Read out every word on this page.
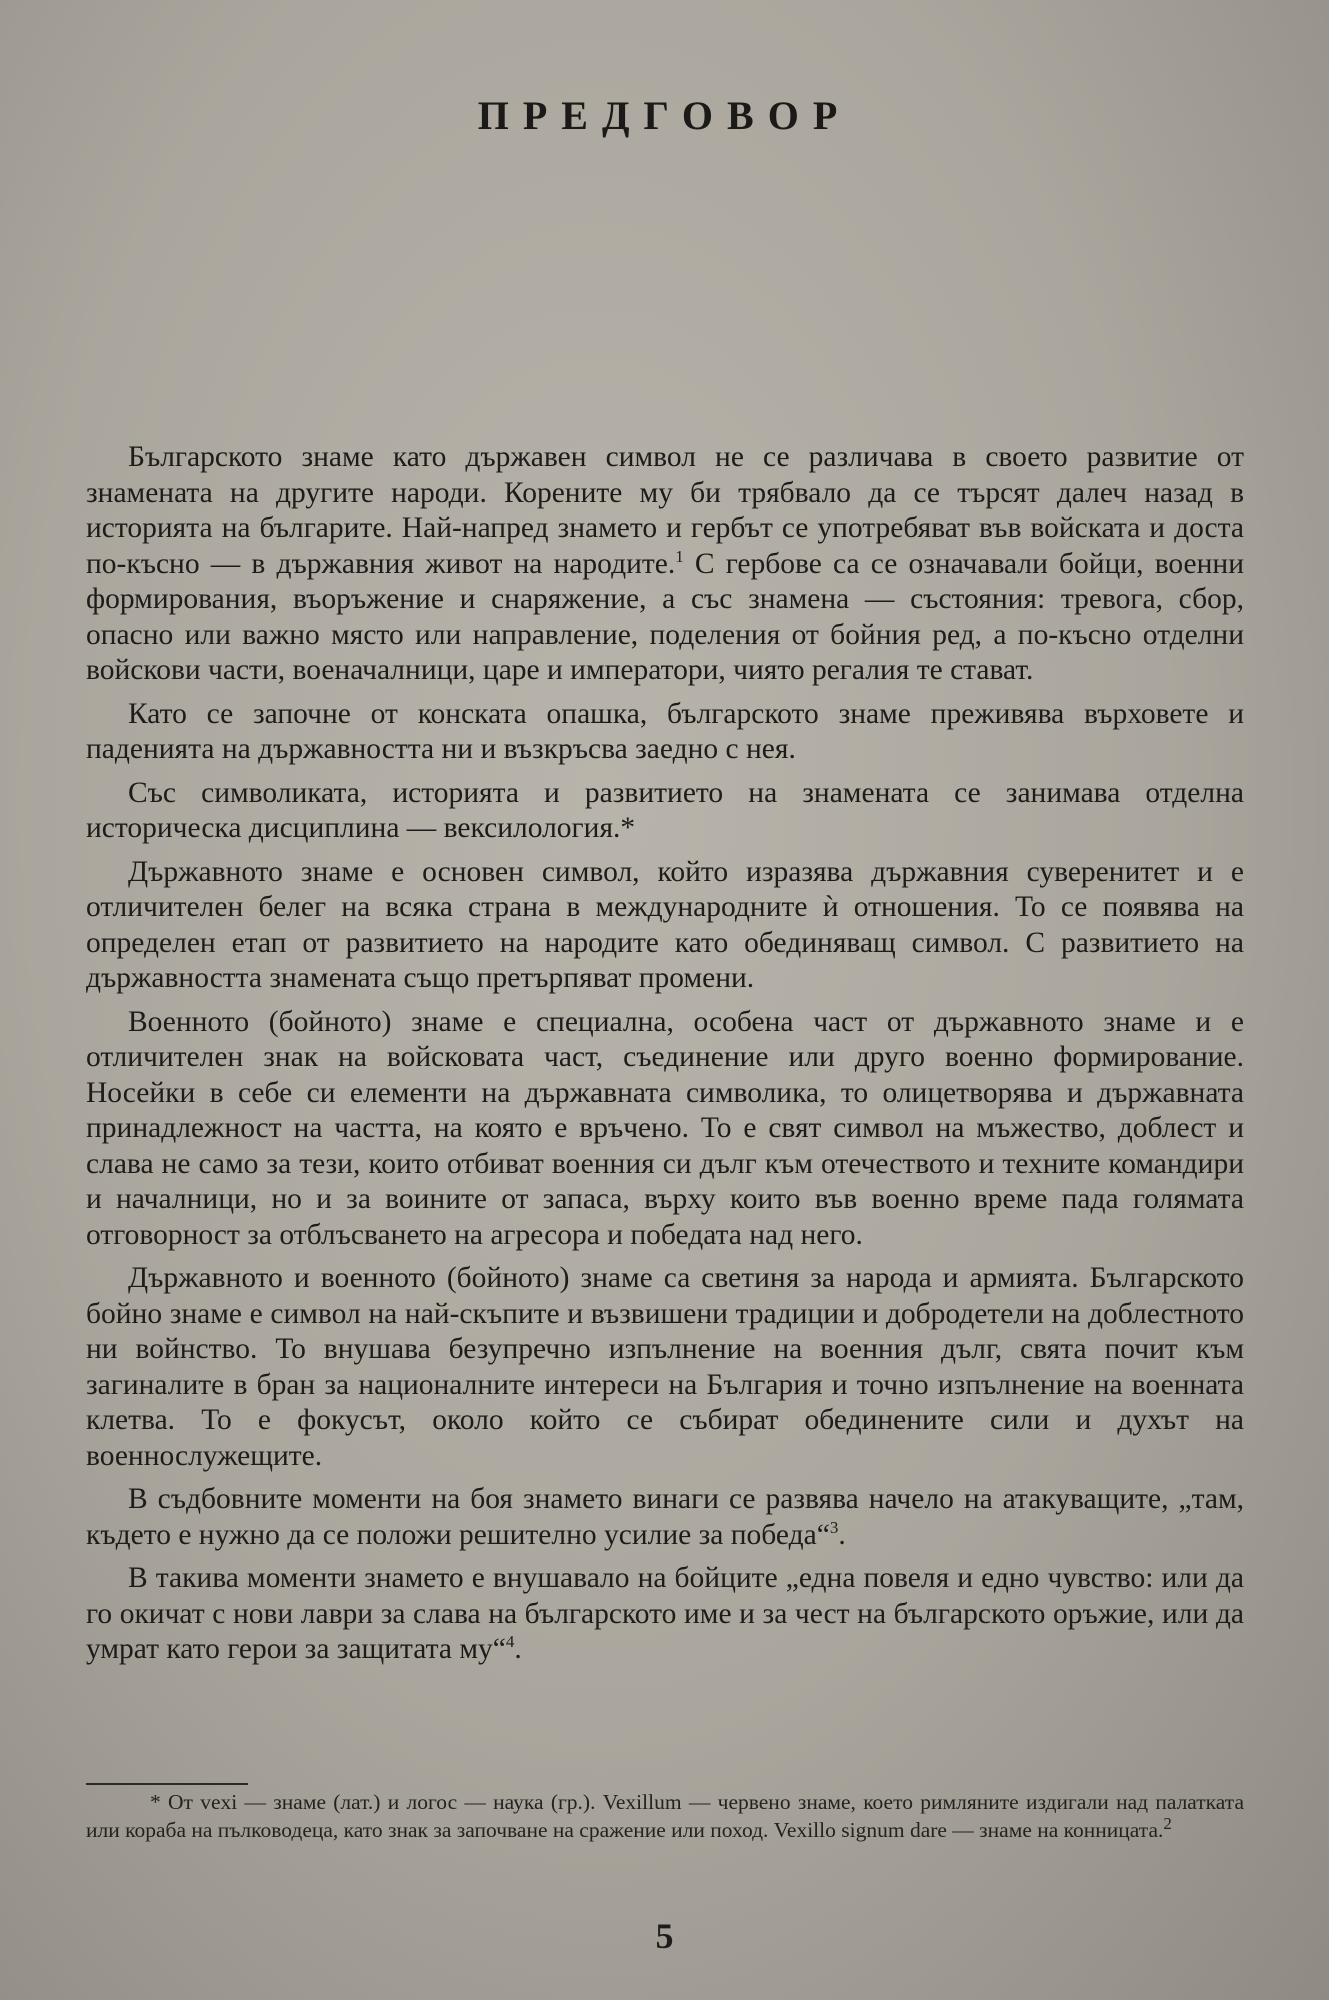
ПРЕДГОВОР

Българското знаме като държавен символ не се различава в своето развитие от знамената на другите народи. Корените му би трябвало да се търсят далеч назад в историята на българите. Най-напред знамето и гербът се употребяват във войската и доста по-късно — в държавния живот на народите.$^1$ С гербове са се означавали бойци, военни формирования, въоръжение и снаряжение, а със знамена — състояния: тревога, сбор, опасно или важно място или направление, поделения от бойния ред, а по-късно отделни войскови части, военачалници, царе и императори, чиято регалия те стават.

Като се започне от конската опашка, българското знаме преживява върховете и паденията на държавността ни и възкръсва заедно с нея.

Със символиката, историята и развитието на знамената се занимава отделна историческа дисциплина — вексилология.*

Държавното знаме е основен символ, който изразява държавния суверенитет и е отличителен белег на всяка страна в международните ѝ отношения. То се появява на определен етап от развитието на народите като обединяващ символ. С развитието на държавността знамената също претърпяват промени.

Военното (бойното) знаме е специална, особена част от държавното знаме и е отличителен знак на войсковата част, съединение или друго военно формирование. Носейки в себе си елементи на държавната символика, то олицетворява и държавната принадлежност на частта, на която е връчено. То е свят символ на мъжество, доблест и слава не само за тези, които отбиват военния си дълг към отечеството и техните командири и началници, но и за воините от запаса, върху които във военно време пада голямата отговорност за отблъсването на агресора и победата над него.

Държавното и военното (бойното) знаме са светиня за народа и армията. Българското бойно знаме е символ на най-скъпите и възвишени традиции и добродетели на доблестното ни войнство. То внушава безупречно изпълнение на военния дълг, свята почит към загиналите в бран за националните интереси на България и точно изпълнение на военната клетва. То е фокусът, около който се събират обединените сили и духът на военнослужещите.

В съдбовните моменти на боя знамето винаги се развява начело на атакуващите, „там, където е нужно да се положи решително усилие за победа“$^3$.

В такива моменти знамето е внушавало на бойците „една повеля и едно чувство: или да го окичат с нови лаври за слава на българското име и за чест на българското оръжие, или да умрат като герои за защитата му“$^4$.

* От vexi — знаме (лат.) и логос — наука (гр.). Vexillum — червено знаме, което римляните издигали над палатката или кораба на пълководеца, като знак за започване на сражение или поход. Vexillo signum dare — знаме на конницата.$^2$

5
